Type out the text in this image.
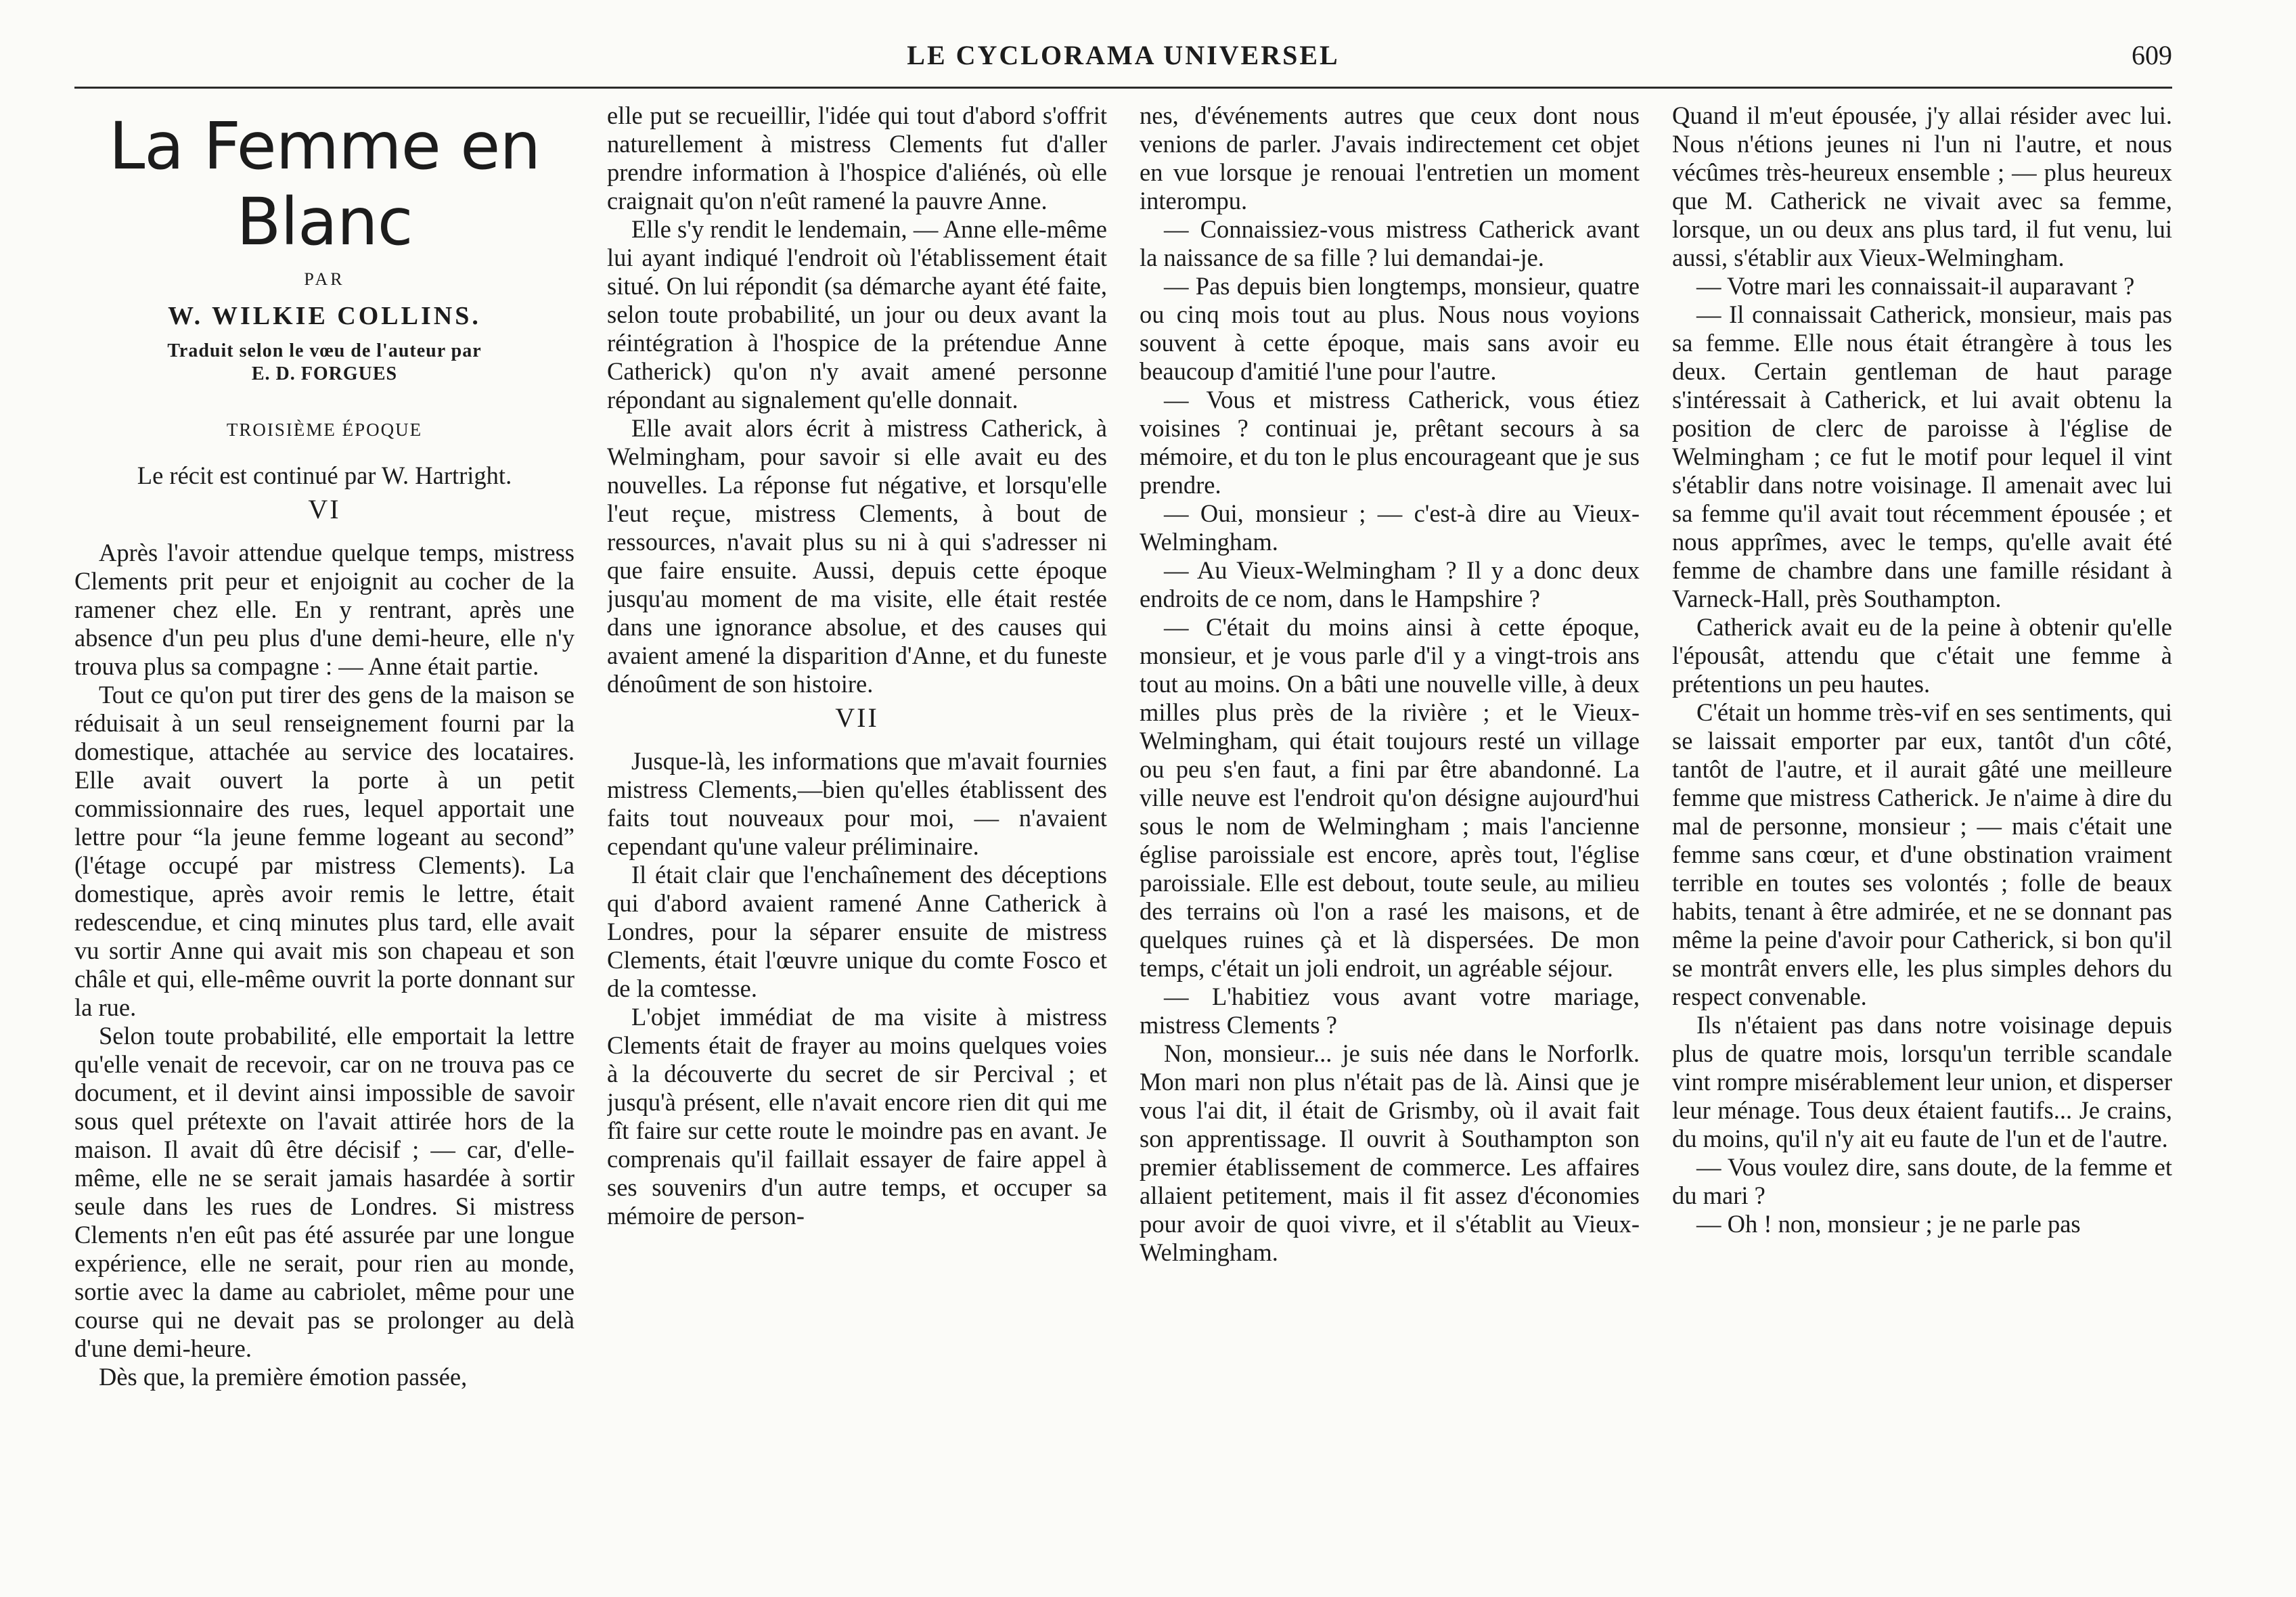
LE CYCLORAMA UNIVERSEL	609
La Femme en Blanc
PAR
W. WILKIE COLLINS.
Traduit selon le vœu de l'auteur par
E. D. FORGUES
TROISIÈME ÉPOQUE

Le récit est continué par W. Hartright.

VI

Après l'avoir attendue quelque temps, mistress Clements prit peur et enjoignit au cocher de la ramener chez elle. En y rentrant, après une absence d'un peu plus d'une demi-heure, elle n'y trouva plus sa compagne : — Anne était partie.

Tout ce qu'on put tirer des gens de la maison se réduisait à un seul renseignement fourni par la domestique, attachée au service des locataires. Elle avait ouvert la porte à un petit commissionnaire des rues, lequel apportait une lettre pour “la jeune femme logeant au second” (l'étage occupé par mistress Clements). La domestique, après avoir remis le lettre, était redescendue, et cinq minutes plus tard, elle avait vu sortir Anne qui avait mis son chapeau et son châle et qui, elle-même ouvrit la porte donnant sur la rue.

Selon toute probabilité, elle emportait la lettre qu'elle venait de recevoir, car on ne trouva pas ce document, et il devint ainsi impossible de savoir sous quel prétexte on l'avait attirée hors de la maison. Il avait dû être décisif ; — car, d'elle-même, elle ne se serait jamais hasardée à sortir seule dans les rues de Londres. Si mistress Clements n'en eût pas été assurée par une longue expérience, elle ne serait, pour rien au monde, sortie avec la dame au cabriolet, même pour une course qui ne devait pas se prolonger au delà d'une demi-heure.

Dès que, la première émotion passée,

elle put se recueillir, l'idée qui tout d'abord s'offrit naturellement à mistress Clements fut d'aller prendre information à l'hospice d'aliénés, où elle craignait qu'on n'eût ramené la pauvre Anne.

Elle s'y rendit le lendemain, — Anne elle-même lui ayant indiqué l'endroit où l'établissement était situé. On lui répondit (sa démarche ayant été faite, selon toute probabilité, un jour ou deux avant la réintégration à l'hospice de la prétendue Anne Catherick) qu'on n'y avait amené personne répondant au signalement qu'elle donnait.

Elle avait alors écrit à mistress Catherick, à Welmingham, pour savoir si elle avait eu des nouvelles. La réponse fut négative, et lorsqu'elle l'eut reçue, mistress Clements, à bout de ressources, n'avait plus su ni à qui s'adresser ni que faire ensuite. Aussi, depuis cette époque jusqu'au moment de ma visite, elle était restée dans une ignorance absolue, et des causes qui avaient amené la disparition d'Anne, et du funeste dénoûment de son histoire.

VII

Jusque-là, les informations que m'avait fournies mistress Clements,—bien qu'elles établissent des faits tout nouveaux pour moi, — n'avaient cependant qu'une valeur préliminaire.

Il était clair que l'enchaînement des déceptions qui d'abord avaient ramené Anne Catherick à Londres, pour la séparer ensuite de mistress Clements, était l'œuvre unique du comte Fosco et de la comtesse.

L'objet immédiat de ma visite à mistress Clements était de frayer au moins quelques voies à la découverte du secret de sir Percival ; et jusqu'à présent, elle n'avait encore rien dit qui me fît faire sur cette route le moindre pas en avant. Je comprenais qu'il faillait essayer de faire appel à ses souvenirs d'un autre temps, et occuper sa mémoire de person-

nes, d'événements autres que ceux dont nous venions de parler. J'avais indirectement cet objet en vue lorsque je renouai l'entretien un moment interompu.

— Connaissiez-vous mistress Catherick avant la naissance de sa fille ? lui demandai-je.

— Pas depuis bien longtemps, monsieur, quatre ou cinq mois tout au plus. Nous nous voyions souvent à cette époque, mais sans avoir eu beaucoup d'amitié l'une pour l'autre.

— Vous et mistress Catherick, vous étiez voisines ? continuai je, prêtant secours à sa mémoire, et du ton le plus encourageant que je sus prendre.

— Oui, monsieur ; — c'est-à dire au Vieux-Welmingham.

— Au Vieux-Welmingham ? Il y a donc deux endroits de ce nom, dans le Hampshire ?

— C'était du moins ainsi à cette époque, monsieur, et je vous parle d'il y a vingt-trois ans tout au moins. On a bâti une nouvelle ville, à deux milles plus près de la rivière ; et le Vieux-Welmingham, qui était toujours resté un village ou peu s'en faut, a fini par être abandonné. La ville neuve est l'endroit qu'on désigne aujourd'hui sous le nom de Welmingham ; mais l'ancienne église paroissiale est encore, après tout, l'église paroissiale. Elle est debout, toute seule, au milieu des terrains où l'on a rasé les maisons, et de quelques ruines çà et là dispersées. De mon temps, c'était un joli endroit, un agréable séjour.

— L'habitiez vous avant votre mariage, mistress Clements ?

Non, monsieur... je suis née dans le Norforlk. Mon mari non plus n'était pas de là. Ainsi que je vous l'ai dit, il était de Grismby, où il avait fait son apprentissage. Il ouvrit à Southampton son premier établissement de commerce. Les affaires allaient petitement, mais il fit assez d'économies pour avoir de quoi vivre, et il s'établit au Vieux-Welmingham.

Quand il m'eut épousée, j'y allai résider avec lui. Nous n'étions jeunes ni l'un ni l'autre, et nous vécûmes très-heureux ensemble ; — plus heureux que M. Catherick ne vivait avec sa femme, lorsque, un ou deux ans plus tard, il fut venu, lui aussi, s'établir aux Vieux-Welmingham.

— Votre mari les connaissait-il auparavant ?

— Il connaissait Catherick, monsieur, mais pas sa femme. Elle nous était étrangère à tous les deux. Certain gentleman de haut parage s'intéressait à Catherick, et lui avait obtenu la position de clerc de paroisse à l'église de Welmingham ; ce fut le motif pour lequel il vint s'établir dans notre voisinage. Il amenait avec lui sa femme qu'il avait tout récemment épousée ; et nous apprîmes, avec le temps, qu'elle avait été femme de chambre dans une famille résidant à Varneck-Hall, près Southampton.

Catherick avait eu de la peine à obtenir qu'elle l'épousât, attendu que c'était une femme à prétentions un peu hautes.

C'était un homme très-vif en ses sentiments, qui se laissait emporter par eux, tantôt d'un côté, tantôt de l'autre, et il aurait gâté une meilleure femme que mistress Catherick. Je n'aime à dire du mal de personne, monsieur ; — mais c'était une femme sans cœur, et d'une obstination vraiment terrible en toutes ses volontés ; folle de beaux habits, tenant à être admirée, et ne se donnant pas même la peine d'avoir pour Catherick, si bon qu'il se montrât envers elle, les plus simples dehors du respect convenable.

Ils n'étaient pas dans notre voisinage depuis plus de quatre mois, lorsqu'un terrible scandale vint rompre misérablement leur union, et disperser leur ménage. Tous deux étaient fautifs... Je crains, du moins, qu'il n'y ait eu faute de l'un et de l'autre.

— Vous voulez dire, sans doute, de la femme et du mari ?

— Oh ! non, monsieur ; je ne parle pas
